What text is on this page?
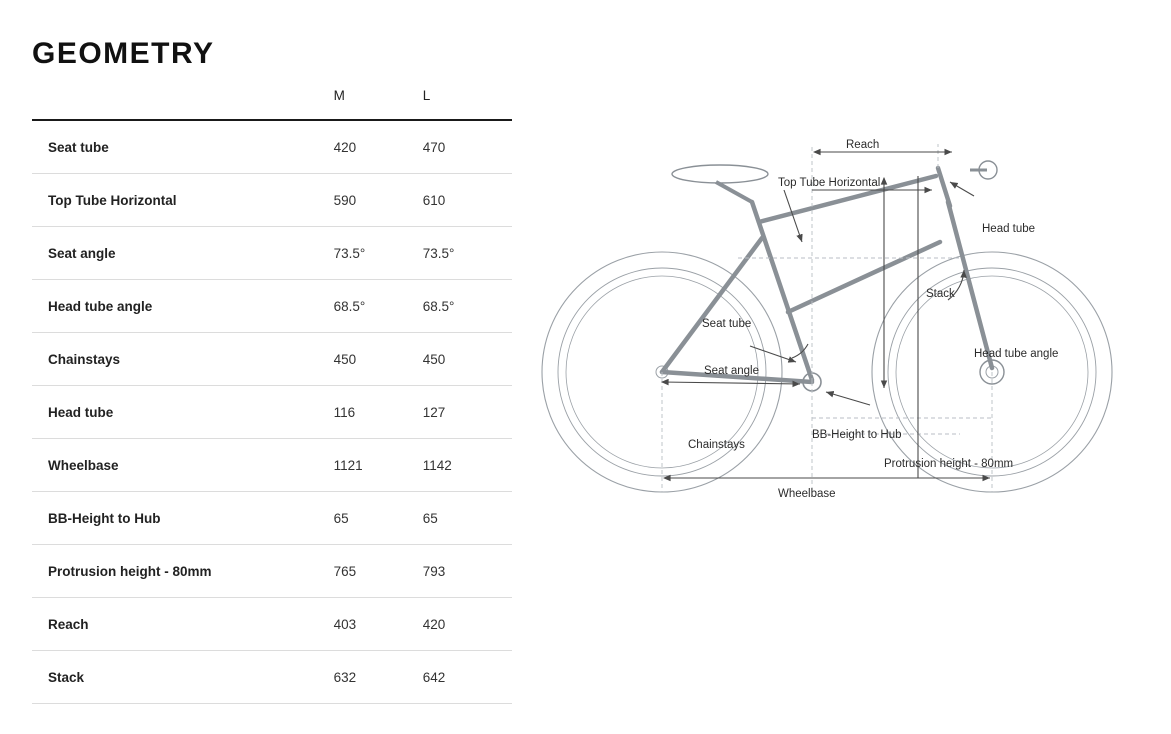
GEOMETRY
	M	L
Seat tube	420	470
Top Tube Horizontal	590	610
Seat angle	73.5°	73.5°
Head tube angle	68.5°	68.5°
Chainstays	450	450
Head tube	116	127
Wheelbase	1121	1142
BB-Height to Hub	65	65
Protrusion height - 80mm	765	793
Reach	403	420
Stack	632	642
Reach
Top Tube Horizontal
Head tube
Stack
Seat tube
Seat angle
Head tube angle
BB-Height to Hub
Chainstays
Protrusion height - 80mm
Wheelbase
